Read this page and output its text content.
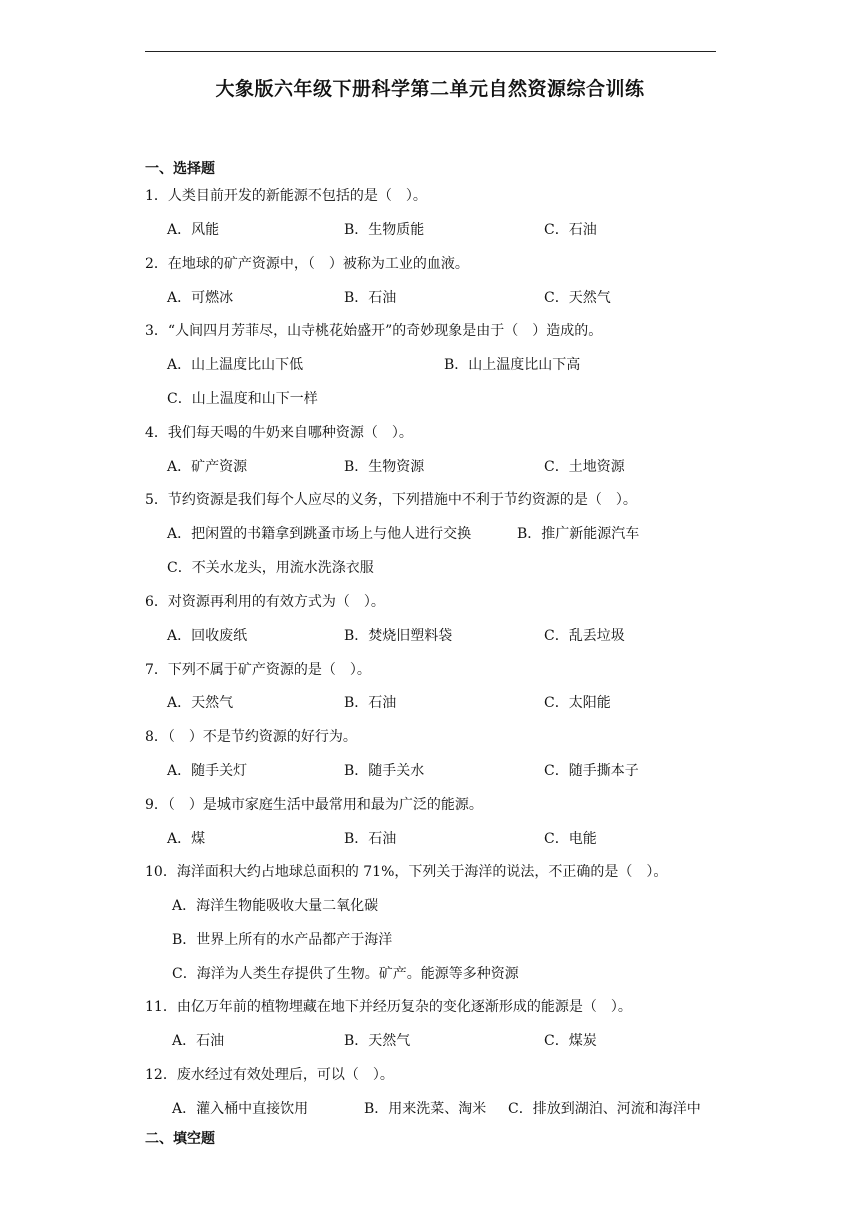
大象版六年级下册科学第二单元自然资源综合训练
一、选择题
1．人类目前开发的新能源不包括的是（　）。
A．风能	B．生物质能	C．石油
2．在地球的矿产资源中，（　）被称为工业的血液。
A．可燃冰	B．石油	C．天然气
3．“人间四月芳菲尽，山寺桃花始盛开”的奇妙现象是由于（　）造成的。
A．山上温度比山下低	B．山上温度比山下高
C．山上温度和山下一样
4．我们每天喝的牛奶来自哪种资源（　）。
A．矿产资源	B．生物资源	C．土地资源
5．节约资源是我们每个人应尽的义务，下列措施中不利于节约资源的是（　）。
A．把闲置的书籍拿到跳蚤市场上与他人进行交换	B．推广新能源汽车
C．不关水龙头，用流水洗涤衣服
6．对资源再利用的有效方式为（　）。
A．回收废纸	B．焚烧旧塑料袋	C．乱丢垃圾
7．下列不属于矿产资源的是（　）。
A．天然气	B．石油	C．太阳能
8．（　）不是节约资源的好行为。
A．随手关灯	B．随手关水	C．随手撕本子
9．（　）是城市家庭生活中最常用和最为广泛的能源。
A．煤	B．石油	C．电能
10．海洋面积大约占地球总面积的 71%，下列关于海洋的说法，不正确的是（　）。
A．海洋生物能吸收大量二氧化碳
B．世界上所有的水产品都产于海洋
C．海洋为人类生存提供了生物。矿产。能源等多种资源
11．由亿万年前的植物埋藏在地下并经历复杂的变化逐渐形成的能源是（　）。
A．石油	B．天然气	C．煤炭
12．废水经过有效处理后，可以（　）。
A．灌入桶中直接饮用	B．用来洗菜、淘米 C．排放到湖泊、河流和海洋中
二、填空题
